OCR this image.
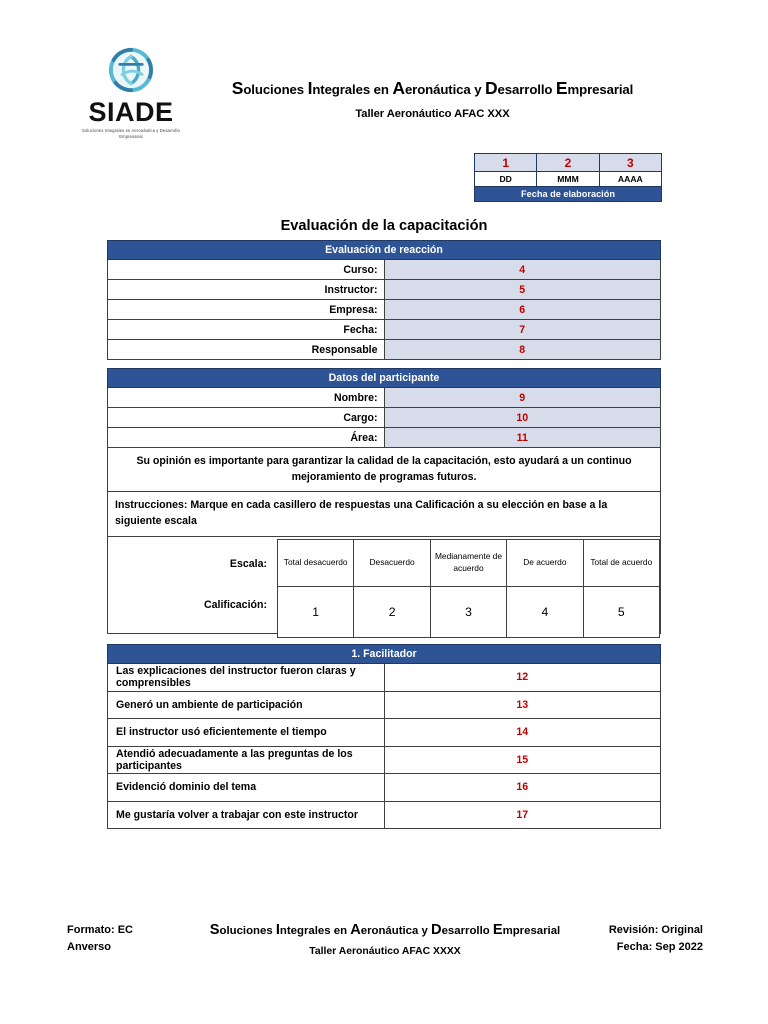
SIADE
Soluciones Integrales en Aeronáutica y Desarrollo Empresarial
Soluciones Integrales en Aeronáutica y Desarrollo Empresarial
Taller Aeronáutico AFAC XXX
1	2	3
DD	MMM	AAAA
Fecha de elaboración		
Evaluación de la capacitación
Evaluación de reacción	
Curso:	4
Instructor:	5
Empresa:	6
Fecha:	7
Responsable	8
Datos del participante
Nombre:	9
Cargo:	10
Área:	11
Su opinión es importante para garantizar la calidad de la capacitación, esto ayudará a un continuo mejoramiento de programas futuros.
Instrucciones: Marque en cada casillero de respuestas una Calificación a su elección en base a la siguiente escala

Escala:
Calificación:
Total desacuerdo	Desacuerdo	Medianamente de acuerdo	De acuerdo	Total de acuerdo
1	2	3	4	5
1. Facilitador	
Las explicaciones del instructor fueron claras y comprensibles	12
Generó un ambiente de participación	13
El instructor usó eficientemente el tiempo	14
Atendió adecuadamente a las preguntas de los participantes	15
Evidenció dominio del tema	16
Me gustaría volver a trabajar con este instructor	17
Formato: EC
Anverso
Soluciones Integrales en Aeronáutica y Desarrollo Empresarial
Taller Aeronáutico AFAC XXXX
Revisión: Original
Fecha: Sep 2022
